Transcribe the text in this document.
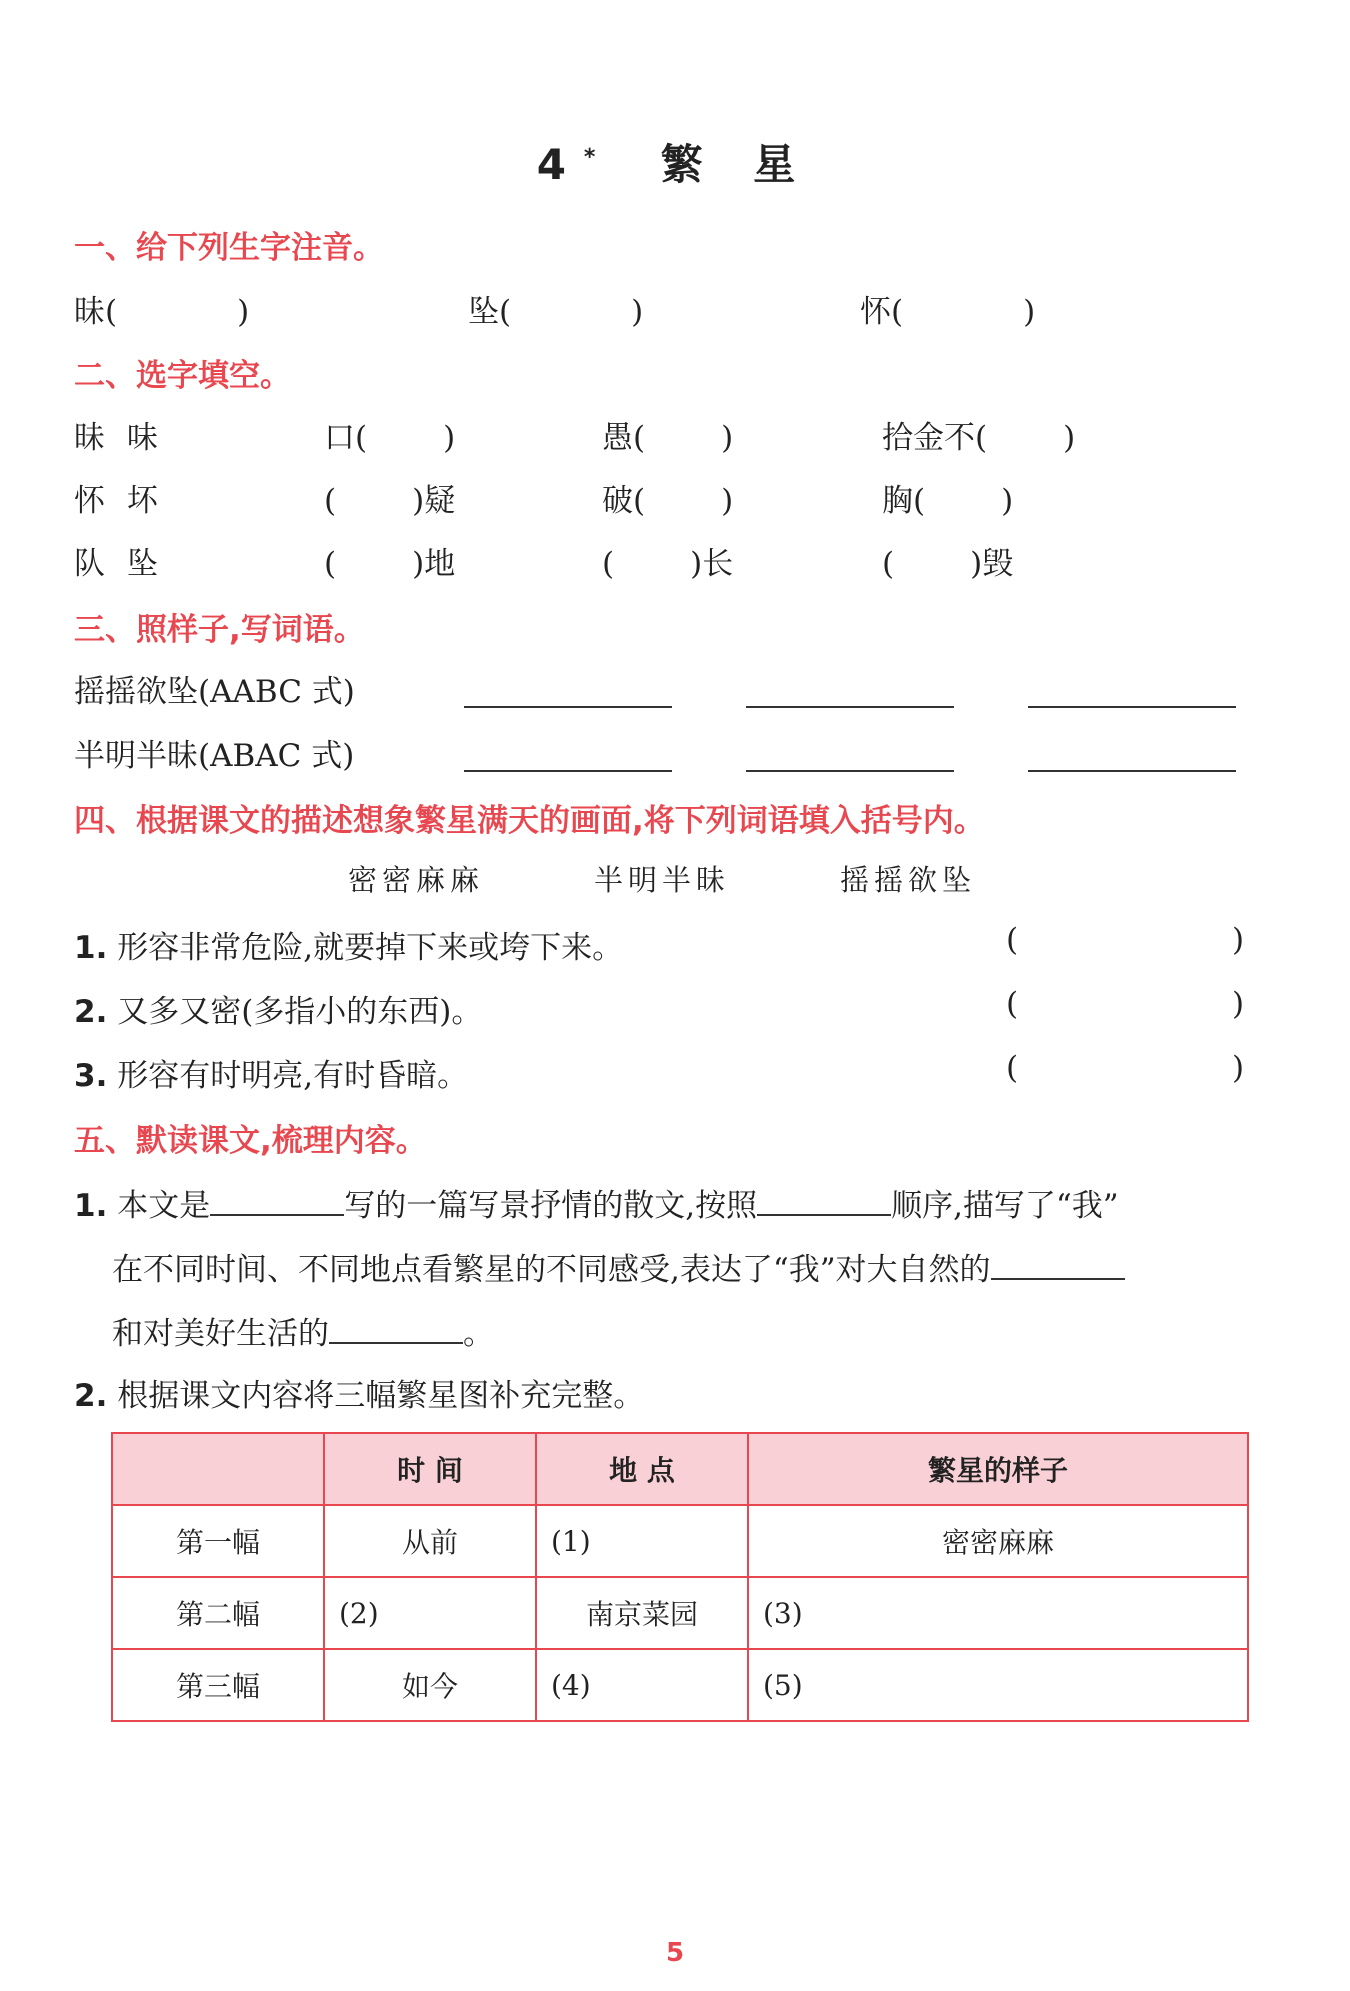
4* 繁 星
一、给下列生字注音。
昧(	)	坠(	)	怀(	)
二、选字填空。
昧 味	口( )	愚( )	拾金不( )
怀 坏	( )疑	破( )	胸( )
队 坠	( )地	( )长	( )毁
三、照样子,写词语。
摇摇欲坠(AABC 式)
半明半昧(ABAC 式)
四、根据课文的描述想象繁星满天的画面,将下列词语填入括号内。
密密麻麻	半明半昧	摇摇欲坠
1. 形容非常危险,就要掉下来或垮下来。	(	)
2. 又多又密(多指小的东西)。	(	)
3. 形容有时明亮,有时昏暗。	(	)
五、默读课文,梳理内容。
1. 本文是	写的一篇写景抒情的散文,按照	顺序,描写了“我”
在不同时间、不同地点看繁星的不同感受,表达了“我”对大自然的
和对美好生活的	。
2. 根据课文内容将三幅繁星图补充完整。
	时 间	地 点	繁星的样子
第一幅	从前	(1)	密密麻麻
第二幅	(2)	南京菜园	(3)
第三幅	如今	(4)	(5)
5
